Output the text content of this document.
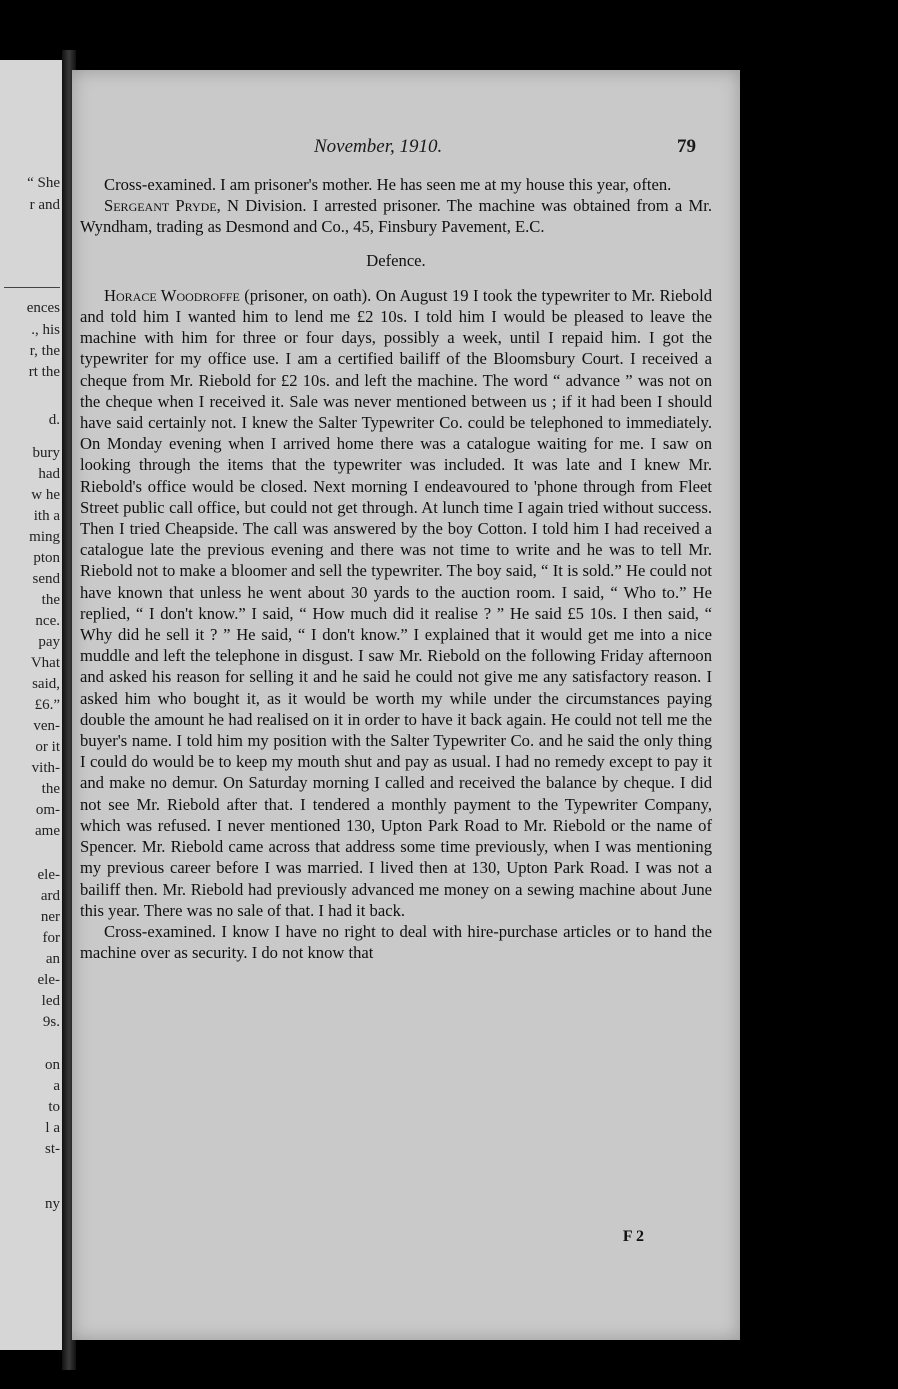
“ She
r and
ences
., his
r, the
rt the
d.
bury
had
w he
ith a
ming
pton
send
the
nce.
pay
Vhat
said,
£6.”
ven-
or it
vith-
the
om-
ame
ele-
ard
ner
for
an
ele-
led
9s.
on
a
to
l a
st-
ny
November, 1910.	79

Cross-examined. I am prisoner's mother. He has seen me at my house this year, often.

Sergeant Pryde, N Division. I arrested prisoner. The machine was obtained from a Mr. Wyndham, trading as Desmond and Co., 45, Finsbury Pavement, E.C.

Defence.

Horace Woodroffe (prisoner, on oath). On August 19 I took the typewriter to Mr. Riebold and told him I wanted him to lend me £2 10s. I told him I would be pleased to leave the machine with him for three or four days, possibly a week, until I repaid him. I got the typewriter for my office use. I am a certified bailiff of the Bloomsbury Court. I received a cheque from Mr. Riebold for £2 10s. and left the machine. The word “ advance ” was not on the cheque when I received it. Sale was never mentioned between us ; if it had been I should have said certainly not. I knew the Salter Typewriter Co. could be telephoned to immediately. On Monday evening when I arrived home there was a catalogue waiting for me. I saw on looking through the items that the typewriter was included. It was late and I knew Mr. Riebold's office would be closed. Next morning I endeavoured to 'phone through from Fleet Street public call office, but could not get through. At lunch time I again tried without success. Then I tried Cheapside. The call was answered by the boy Cotton. I told him I had received a catalogue late the previous evening and there was not time to write and he was to tell Mr. Riebold not to make a bloomer and sell the typewriter. The boy said, “ It is sold.” He could not have known that unless he went about 30 yards to the auction room. I said, “ Who to.” He replied, “ I don't know.” I said, “ How much did it realise ? ” He said £5 10s. I then said, “ Why did he sell it ? ” He said, “ I don't know.” I explained that it would get me into a nice muddle and left the telephone in disgust. I saw Mr. Riebold on the following Friday afternoon and asked his reason for selling it and he said he could not give me any satisfactory reason. I asked him who bought it, as it would be worth my while under the circumstances paying double the amount he had realised on it in order to have it back again. He could not tell me the buyer's name. I told him my position with the Salter Typewriter Co. and he said the only thing I could do would be to keep my mouth shut and pay as usual. I had no remedy except to pay it and make no demur. On Saturday morning I called and received the balance by cheque. I did not see Mr. Riebold after that. I tendered a monthly payment to the Typewriter Company, which was refused. I never mentioned 130, Upton Park Road to Mr. Riebold or the name of Spencer. Mr. Riebold came across that address some time previously, when I was mentioning my previous career before I was married. I lived then at 130, Upton Park Road. I was not a bailiff then. Mr. Riebold had previously advanced me money on a sewing machine about June this year. There was no sale of that. I had it back.

Cross-examined. I know I have no right to deal with hire-purchase articles or to hand the machine over as security. I do not know that

F 2
